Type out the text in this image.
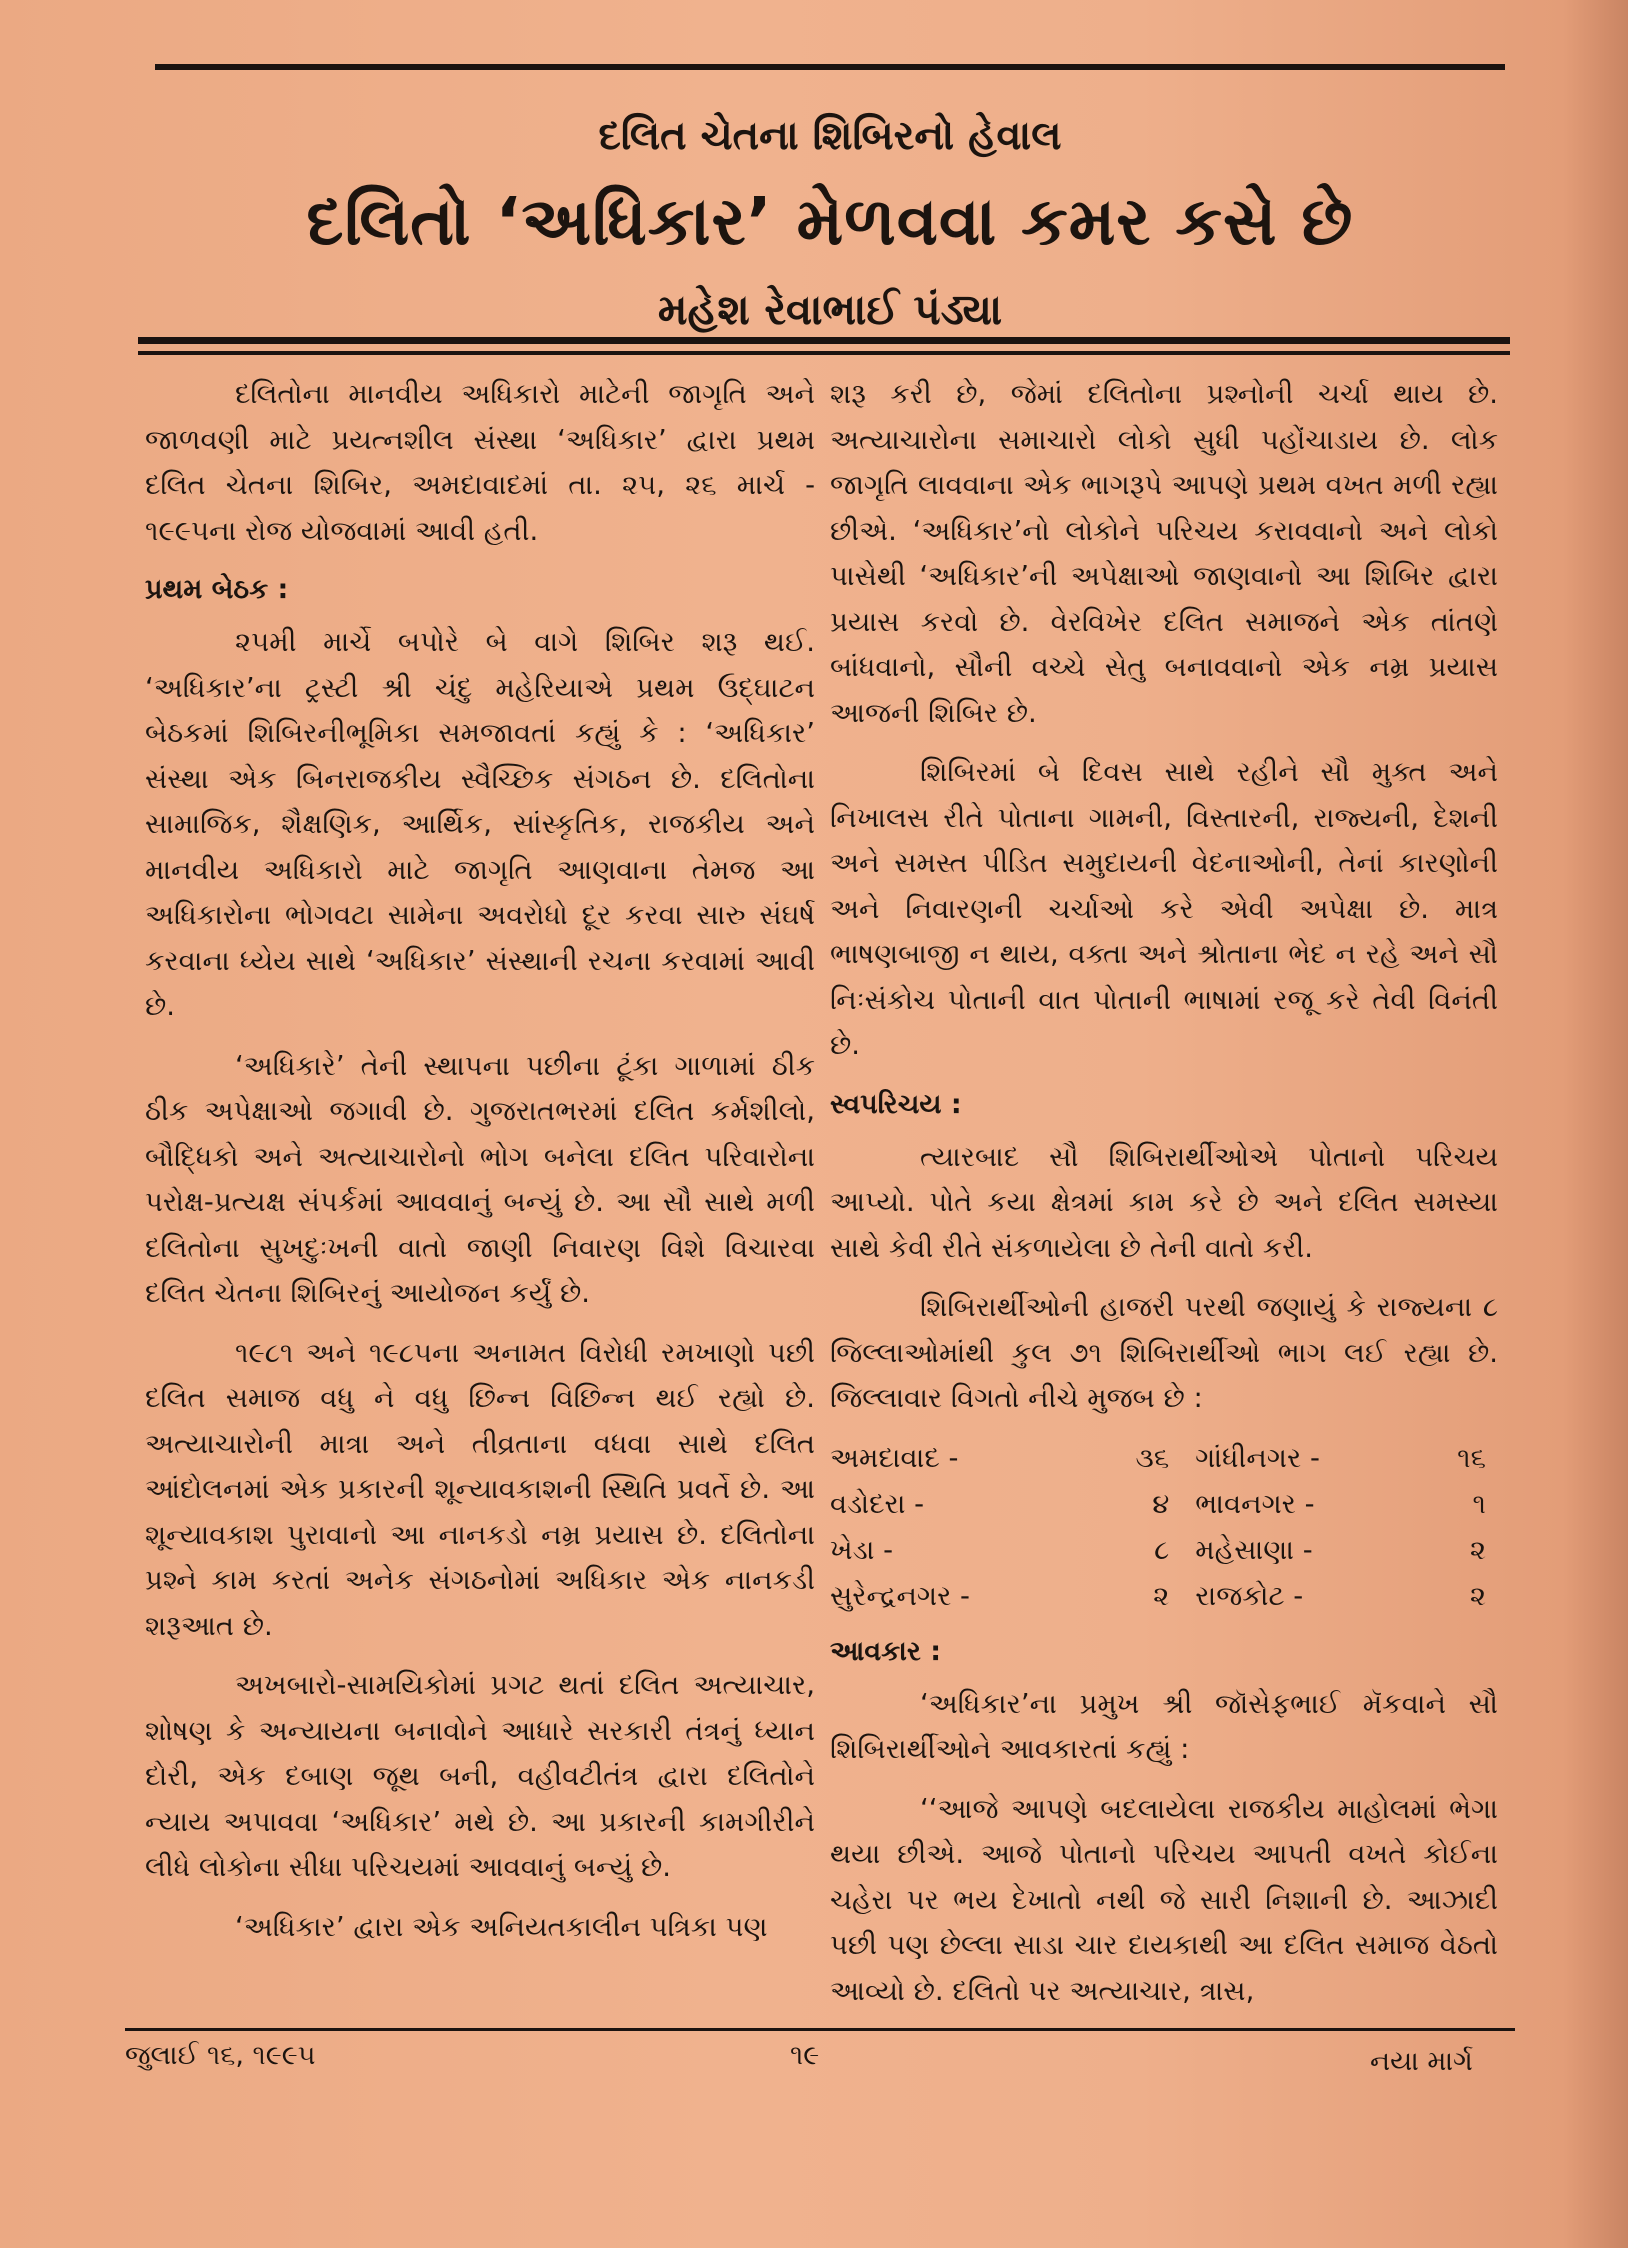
દલિત ચેતના શિબિરનો હેવાલ
દલિતો ‘અધિકાર’ મેળવવા કમર કસે છે
મહેશ રેવાભાઈ પંડ્યા

દલિતોના માનવીય અધિકારો માટેની જાગૃતિ અને જાળવણી માટે પ્રયત્નશીલ સંસ્થા ‘અધિકાર’ દ્વારા પ્રથમ દલિત ચેતના શિબિર, અમદાવાદમાં તા. ૨૫, ૨૬ માર્ચ - ૧૯૯૫ના રોજ યોજવામાં આવી હતી.

પ્રથમ બેઠક :

૨૫મી માર્ચે બપોરે બે વાગે શિબિર શરૂ થઈ. ‘અધિકાર’ના ટ્રસ્ટી શ્રી ચંદુ મહેરિયાએ પ્રથમ ઉદ્ઘાટન બેઠકમાં શિબિરનીભૂમિકા સમજાવતાં કહ્યું કે : ‘અધિકાર’ સંસ્થા એક બિનરાજકીય સ્વૈચ્છિક સંગઠન છે. દલિતોના સામાજિક, શૈક્ષણિક, આર્થિક, સાંસ્કૃતિક, રાજકીય અને માનવીય અધિકારો માટે જાગૃતિ આણવાના તેમજ આ અધિકારોના ભોગવટા સામેના અવરોધો દૂર કરવા સારુ સંઘર્ષ કરવાના ધ્યેય સાથે ‘અધિકાર’ સંસ્થાની રચના કરવામાં આવી છે.

‘અધિકારે’ તેની સ્થાપના પછીના ટૂંકા ગાળામાં ઠીક ઠીક અપેક્ષાઓ જગાવી છે. ગુજરાતભરમાં દલિત કર્મશીલો, બૌદ્ધિકો અને અત્યાચારોનો ભોગ બનેલા દલિત પરિવારોના પરોક્ષ-પ્રત્યક્ષ સંપર્કમાં આવવાનું બન્યું છે. આ સૌ સાથે મળી દલિતોના સુખદુઃખની વાતો જાણી નિવારણ વિશે વિચારવા દલિત ચેતના શિબિરનું આયોજન કર્યું છે.

૧૯૮૧ અને ૧૯૮૫ના અનામત વિરોધી રમખાણો પછી દલિત સમાજ વધુ ને વધુ છિન્ન વિછિન્ન થઈ રહ્યો છે. અત્યાચારોની માત્રા અને તીવ્રતાના વધવા સાથે દલિત આંદોલનમાં એક પ્રકારની શૂન્યાવકાશની સ્થિતિ પ્રવર્તે છે. આ શૂન્યાવકાશ પુરાવાનો આ નાનકડો નમ્ર પ્રયાસ છે. દલિતોના પ્રશ્ને કામ કરતાં અનેક સંગઠનોમાં અધિકાર એક નાનકડી શરૂઆત છે.

અખબારો-સામયિકોમાં પ્રગટ થતાં દલિત અત્યાચાર, શોષણ કે અન્યાયના બનાવોને આધારે સરકારી તંત્રનું ધ્યાન દોરી, એક દબાણ જૂથ બની, વહીવટીતંત્ર દ્વારા દલિતોને ન્યાય અપાવવા ‘અધિકાર’ મથે છે. આ પ્રકારની કામગીરીને લીધે લોકોના સીધા પરિચયમાં આવવાનું બન્યું છે.

‘અધિકાર’ દ્વારા એક અનિયતકાલીન પત્રિકા પણ

શરૂ કરી છે, જેમાં દલિતોના પ્રશ્નોની ચર્ચા થાય છે. અત્યાચારોના સમાચારો લોકો સુધી પહોંચાડાય છે. લોક જાગૃતિ લાવવાના એક ભાગરૂપે આપણે પ્રથમ વખત મળી રહ્યા છીએ. ‘અધિકાર’નો લોકોને પરિચય કરાવવાનો અને લોકો પાસેથી ‘અધિકાર’ની અપેક્ષાઓ જાણવાનો આ શિબિર દ્વારા પ્રયાસ કરવો છે. વેરવિખેર દલિત સમાજને એક તાંતણે બાંધવાનો, સૌની વચ્ચે સેતુ બનાવવાનો એક નમ્ર પ્રયાસ આજની શિબિર છે.

શિબિરમાં બે દિવસ સાથે રહીને સૌ મુક્ત અને નિખાલસ રીતે પોતાના ગામની, વિસ્તારની, રાજ્યની, દેશની અને સમસ્ત પીડિત સમુદાયની વેદનાઓની, તેનાં કારણોની અને નિવારણની ચર્ચાઓ કરે એવી અપેક્ષા છે. માત્ર ભાષણબાજી ન થાય, વક્તા અને શ્રોતાના ભેદ ન રહે અને સૌ નિઃસંકોચ પોતાની વાત પોતાની ભાષામાં રજૂ કરે તેવી વિનંતી છે.

સ્વપરિચય :

ત્યારબાદ સૌ શિબિરાર્થીઓએ પોતાનો પરિચય આપ્યો. પોતે કયા ક્ષેત્રમાં કામ કરે છે અને દલિત સમસ્યા સાથે કેવી રીતે સંકળાયેલા છે તેની વાતો કરી.

શિબિરાર્થીઓની હાજરી પરથી જણાયું કે રાજ્યના ૮ જિલ્લાઓમાંથી કુલ ૭૧ શિબિરાર્થીઓ ભાગ લઈ રહ્યા છે. જિલ્લાવાર વિગતો નીચે મુજબ છે :

અમદાવાદ -	૩૬	ગાંધીનગર -	૧૬
વડોદરા -	૪	ભાવનગર -	૧
ખેડા -	૮	મહેસાણા -	૨
સુરેન્દ્રનગર -	૨	રાજકોટ -	૨
આવકાર :

‘અધિકાર’ના પ્રમુખ શ્રી જૉસેફભાઈ મૅકવાને સૌ શિબિરાર્થીઓને આવકારતાં કહ્યું :

‘‘આજે આપણે બદલાયેલા રાજકીય માહોલમાં ભેગા થયા છીએ. આજે પોતાનો પરિચય આપતી વખતે કોઈના ચહેરા પર ભય દેખાતો નથી જે સારી નિશાની છે. આઝાદી પછી પણ છેલ્લા સાડા ચાર દાયકાથી આ દલિત સમાજ વેઠતો આવ્યો છે. દલિતો પર અત્યાચાર, ત્રાસ,

જુલાઈ ૧૬, ૧૯૯૫	૧૯	નયા માર્ગ
